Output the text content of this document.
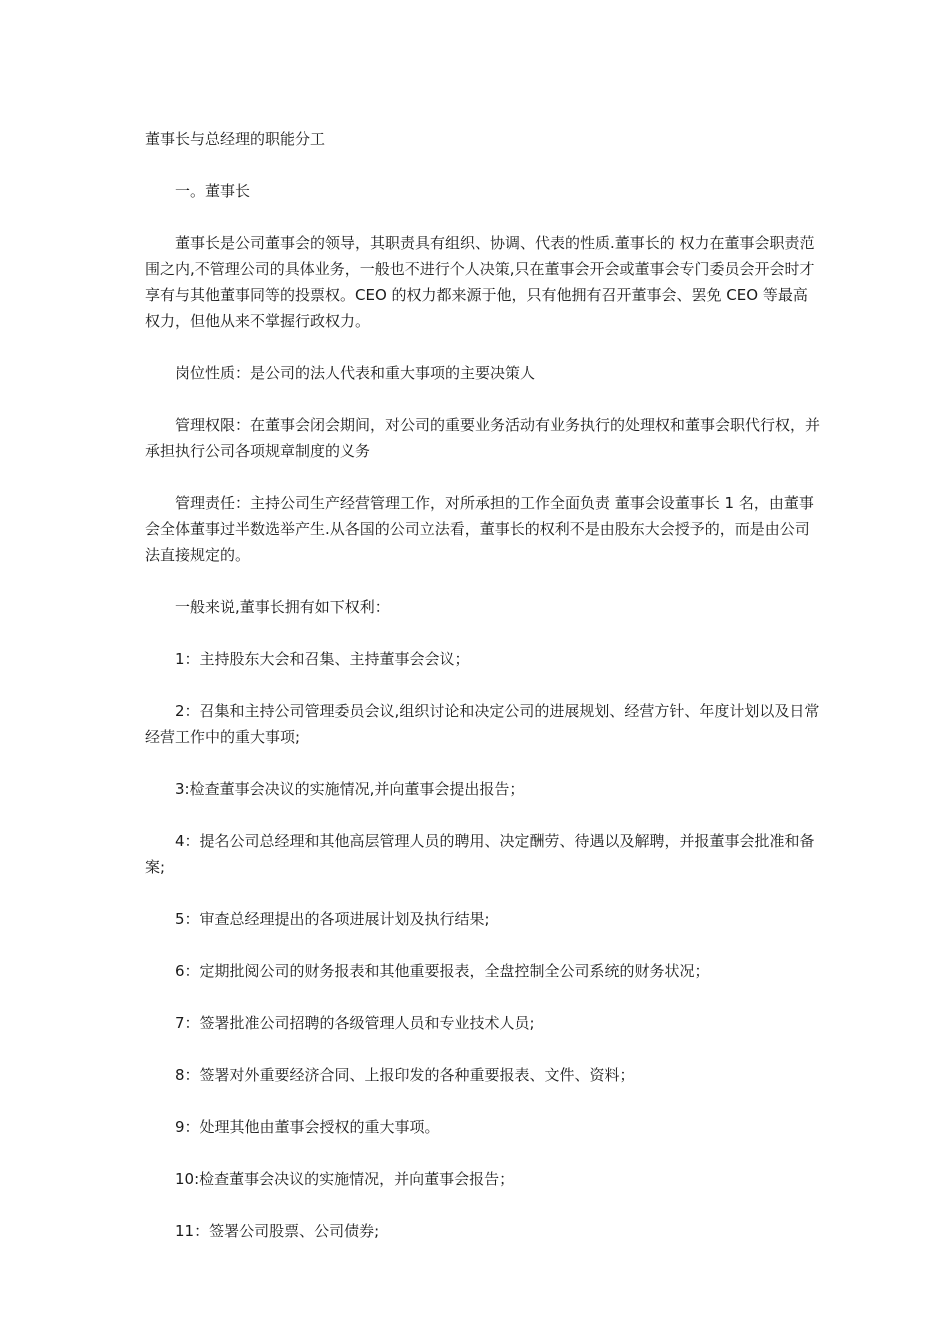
董事长与总经理的职能分工

一。董事长

董事长是公司董事会的领导，其职责具有组织、协调、代表的性质.董事长的 权力在董事会职责范围之内,不管理公司的具体业务，一般也不进行个人决策,只在董事会开会或董事会专门委员会开会时才享有与其他董事同等的投票权。CEO 的权力都来源于他，只有他拥有召开董事会、罢免 CEO 等最高权力，但他从来不掌握行政权力。

岗位性质：是公司的法人代表和重大事项的主要决策人

管理权限：在董事会闭会期间，对公司的重要业务活动有业务执行的处理权和董事会职代行权，并承担执行公司各项规章制度的义务

管理责任：主持公司生产经营管理工作，对所承担的工作全面负责 董事会设董事长 1 名，由董事会全体董事过半数选举产生.从各国的公司立法看，董事长的权利不是由股东大会授予的，而是由公司法直接规定的。

一般来说,董事长拥有如下权利：

1：主持股东大会和召集、主持董事会会议；

2：召集和主持公司管理委员会议,组织讨论和决定公司的进展规划、经营方针、年度计划以及日常经营工作中的重大事项;

3:检查董事会决议的实施情况,并向董事会提出报告；

4：提名公司总经理和其他高层管理人员的聘用、决定酬劳、待遇以及解聘，并报董事会批准和备案;

5：审查总经理提出的各项进展计划及执行结果;

6：定期批阅公司的财务报表和其他重要报表，全盘控制全公司系统的财务状况；

7：签署批准公司招聘的各级管理人员和专业技术人员;

8：签署对外重要经济合同、上报印发的各种重要报表、文件、资料；

9：处理其他由董事会授权的重大事项。

10:检查董事会决议的实施情况，并向董事会报告；

11：签署公司股票、公司债券;
